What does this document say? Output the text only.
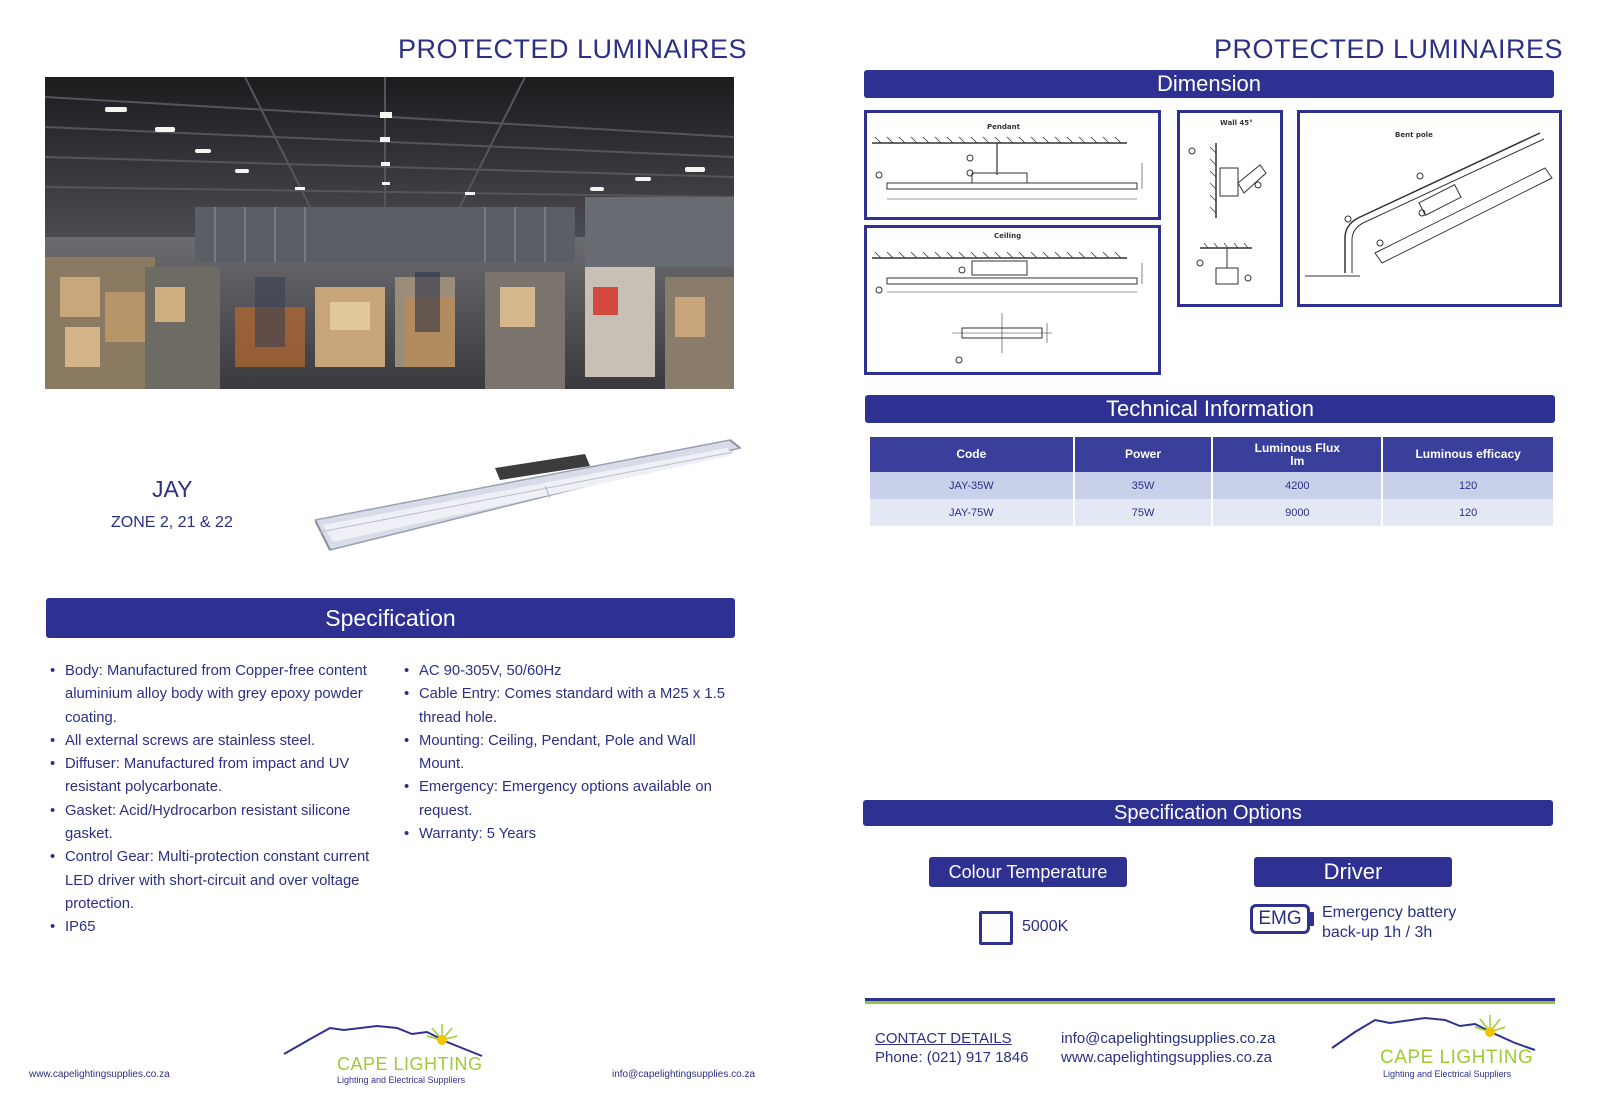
PROTECTED LUMINAIRES
JAY
ZONE 2, 21 & 22
Specification
• Body: Manufactured from Copper-free content aluminium alloy body with grey epoxy powder coating.
• All external screws are stainless steel.
• Diffuser: Manufactured from impact and UV resistant polycarbonate.
• Gasket: Acid/Hydrocarbon resistant silicone gasket.
• Control Gear: Multi-protection constant current LED driver with short-circuit and over voltage protection.
• IP65
• AC 90-305V, 50/60Hz
• Cable Entry: Comes standard with a M25 x 1.5 thread hole.
• Mounting: Ceiling, Pendant, Pole and Wall Mount.
• Emergency: Emergency options available on request.
• Warranty: 5 Years
www.capelightingsupplies.co.za	info@capelightingsupplies.co.za
CAPE LIGHTING
Lighting and Electrical Suppliers
PROTECTED LUMINAIRES
Dimension
Pendant
Ceiling
Wall 45°
Bent pole
Technical Information
Code	Power	Luminous Flux lm	Luminous efficacy
JAY-35W	35W	4200	120
JAY-75W	75W	9000	120
Specification Options
Colour Temperature
5000K
Driver
EMG	Emergency battery
back-up 1h / 3h
CONTACT DETAILS
Phone: (021) 917 1846
info@capelightingsupplies.co.za
www.capelightingsupplies.co.za	CAPE LIGHTING
Lighting and Electrical Suppliers
